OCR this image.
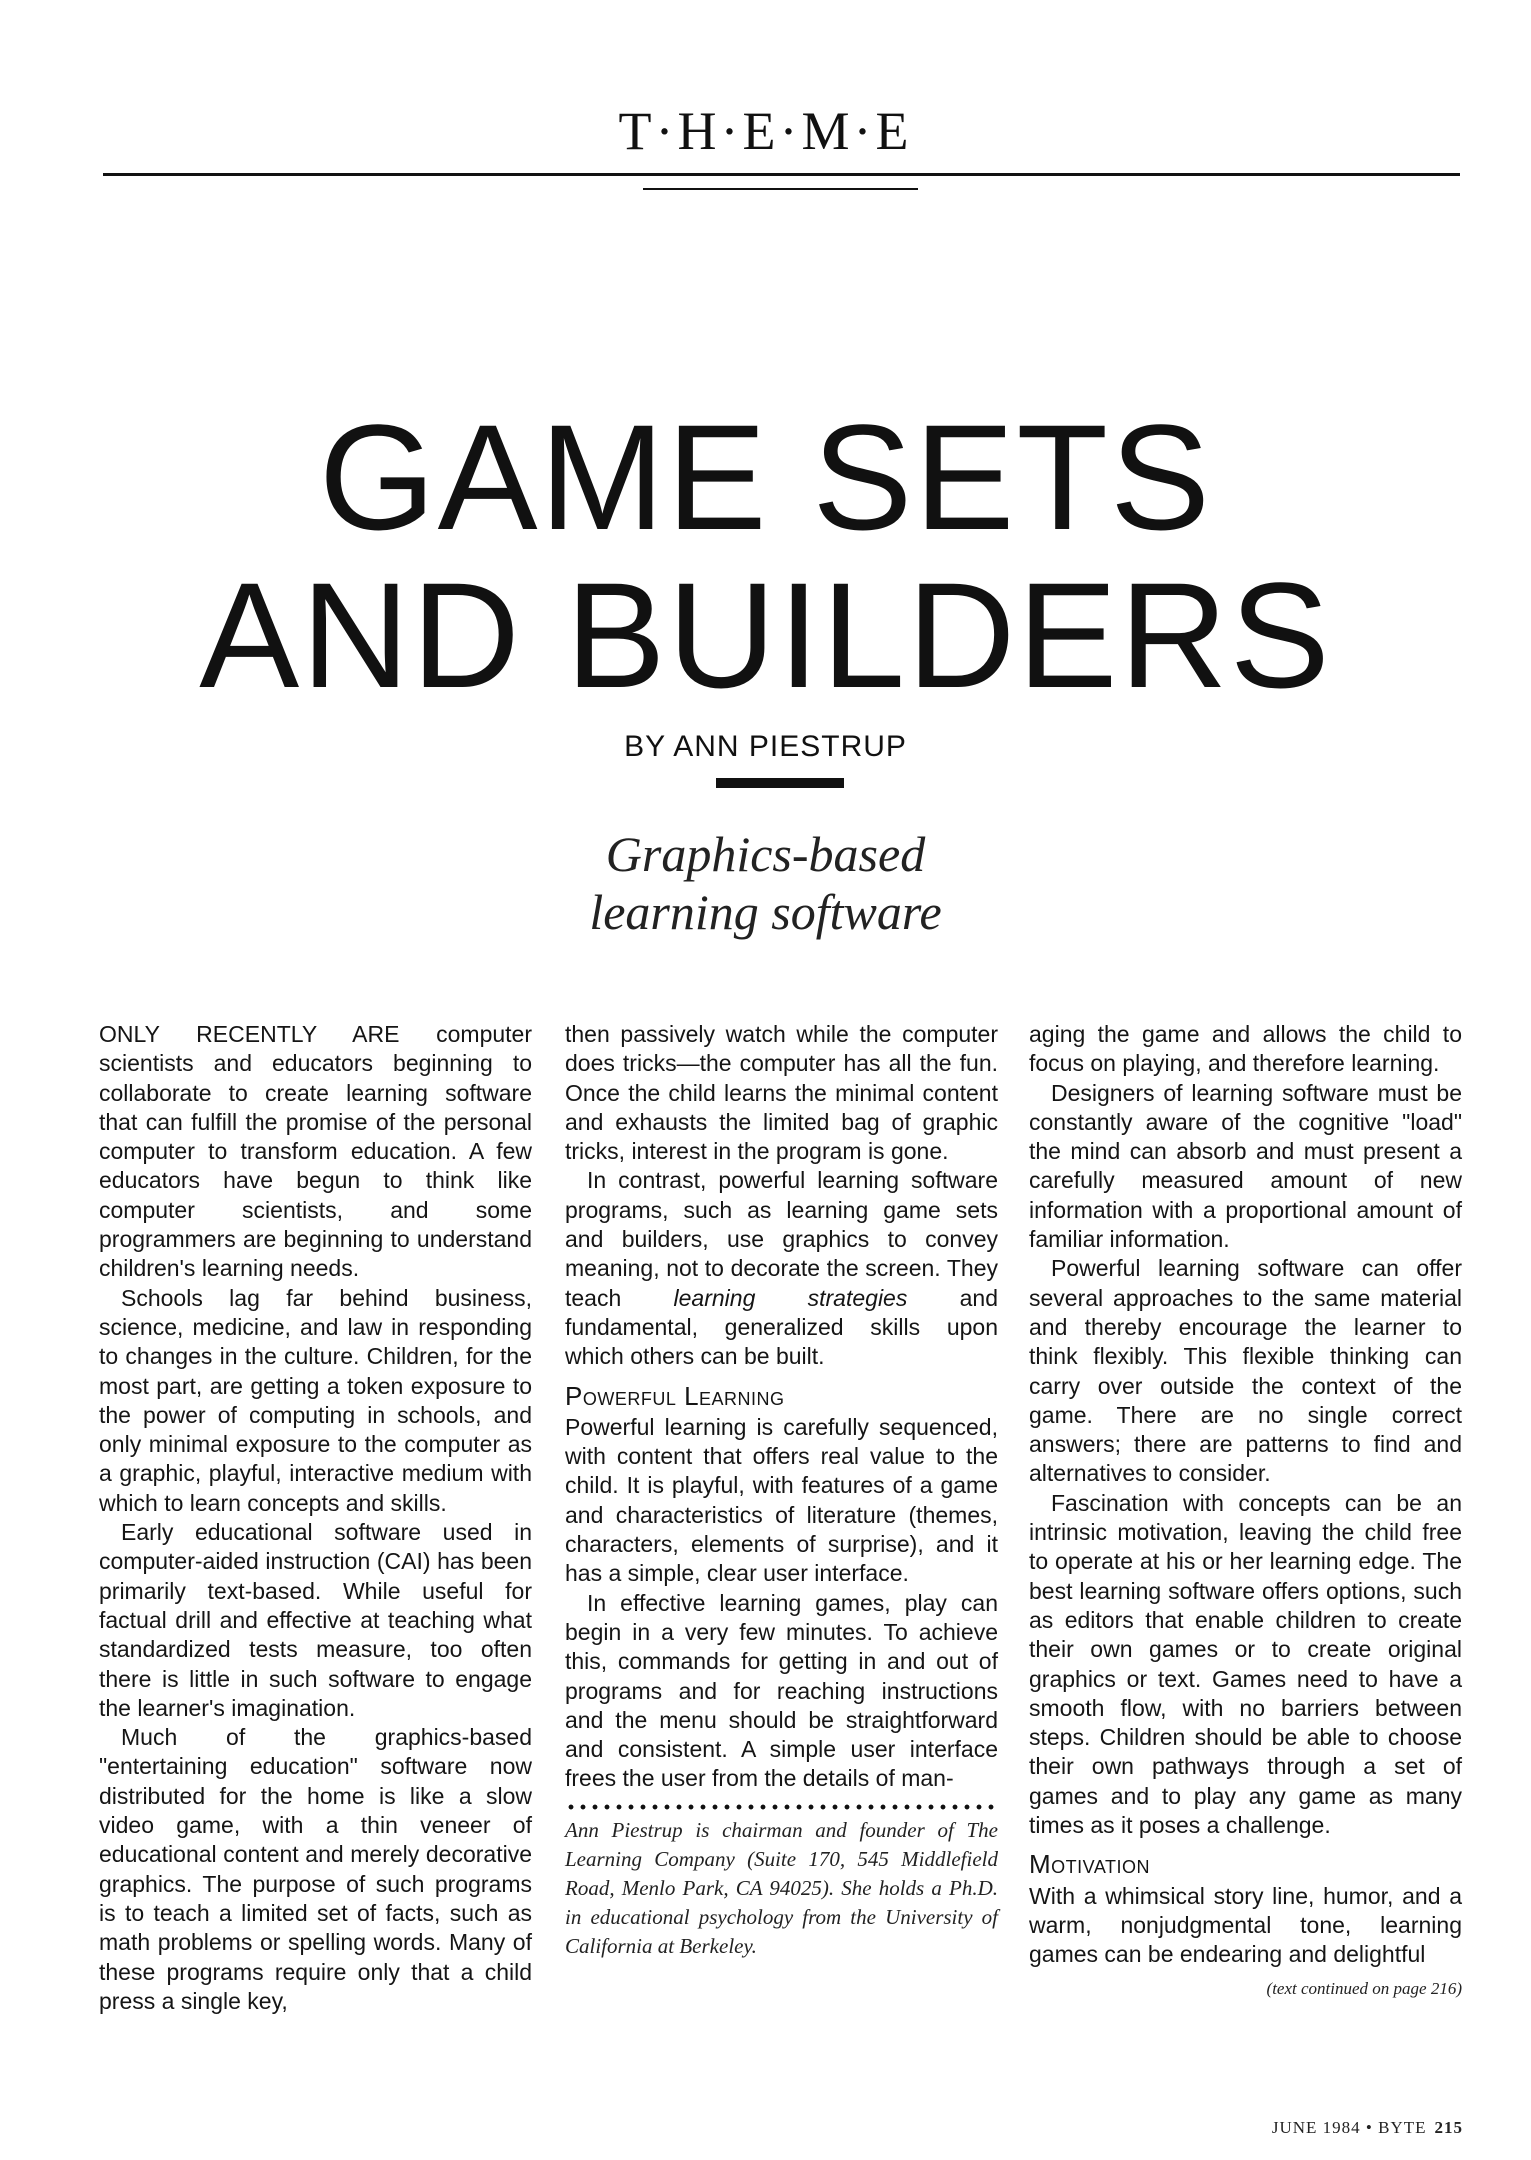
T·H·E·M·E
GAME SETS
AND BUILDERS
BY ANN PIESTRUP
Graphics-based
learning software

ONLY RECENTLY ARE computer scientists and educators beginning to collaborate to create learning software that can fulfill the promise of the personal computer to transform education. A few educators have begun to think like computer scientists, and some programmers are beginning to understand children's learning needs.

Schools lag far behind business, science, medicine, and law in responding to changes in the culture. Children, for the most part, are getting a token exposure to the power of computing in schools, and only minimal exposure to the computer as a graphic, playful, interactive medium with which to learn concepts and skills.

Early educational software used in computer-aided instruction (CAI) has been primarily text-based. While useful for factual drill and effective at teaching what standardized tests measure, too often there is little in such software to engage the learner's imagination.

Much of the graphics-based "entertaining education" software now distributed for the home is like a slow video game, with a thin veneer of educational content and merely decorative graphics. The purpose of such programs is to teach a limited set of facts, such as math problems or spelling words. Many of these programs require only that a child press a single key,

then passively watch while the computer does tricks—the computer has all the fun. Once the child learns the minimal content and exhausts the limited bag of graphic tricks, interest in the program is gone.

In contrast, powerful learning software programs, such as learning game sets and builders, use graphics to convey meaning, not to decorate the screen. They teach learning strategies and fundamental, generalized skills upon which others can be built.

Powerful Learning

Powerful learning is carefully sequenced, with content that offers real value to the child. It is playful, with features of a game and characteristics of literature (themes, characters, elements of surprise), and it has a simple, clear user interface.

In effective learning games, play can begin in a very few minutes. To achieve this, commands for getting in and out of programs and for reaching instructions and the menu should be straightforward and consistent. A simple user interface frees the user from the details of man-

Ann Piestrup is chairman and founder of The Learning Company (Suite 170, 545 Middlefield Road, Menlo Park, CA 94025). She holds a Ph.D. in educational psychology from the University of California at Berkeley.

aging the game and allows the child to focus on playing, and therefore learning.

Designers of learning software must be constantly aware of the cognitive "load" the mind can absorb and must present a carefully measured amount of new information with a proportional amount of familiar information.

Powerful learning software can offer several approaches to the same material and thereby encourage the learner to think flexibly. This flexible thinking can carry over outside the context of the game. There are no single correct answers; there are patterns to find and alternatives to consider.

Fascination with concepts can be an intrinsic motivation, leaving the child free to operate at his or her learning edge. The best learning software offers options, such as editors that enable children to create their own games or to create original graphics or text. Games need to have a smooth flow, with no barriers between steps. Children should be able to choose their own pathways through a set of games and to play any game as many times as it poses a challenge.

Motivation

With a whimsical story line, humor, and a warm, nonjudgmental tone, learning games can be endearing and delightful

(text continued on page 216)
JUNE 1984 • BYTE 215
